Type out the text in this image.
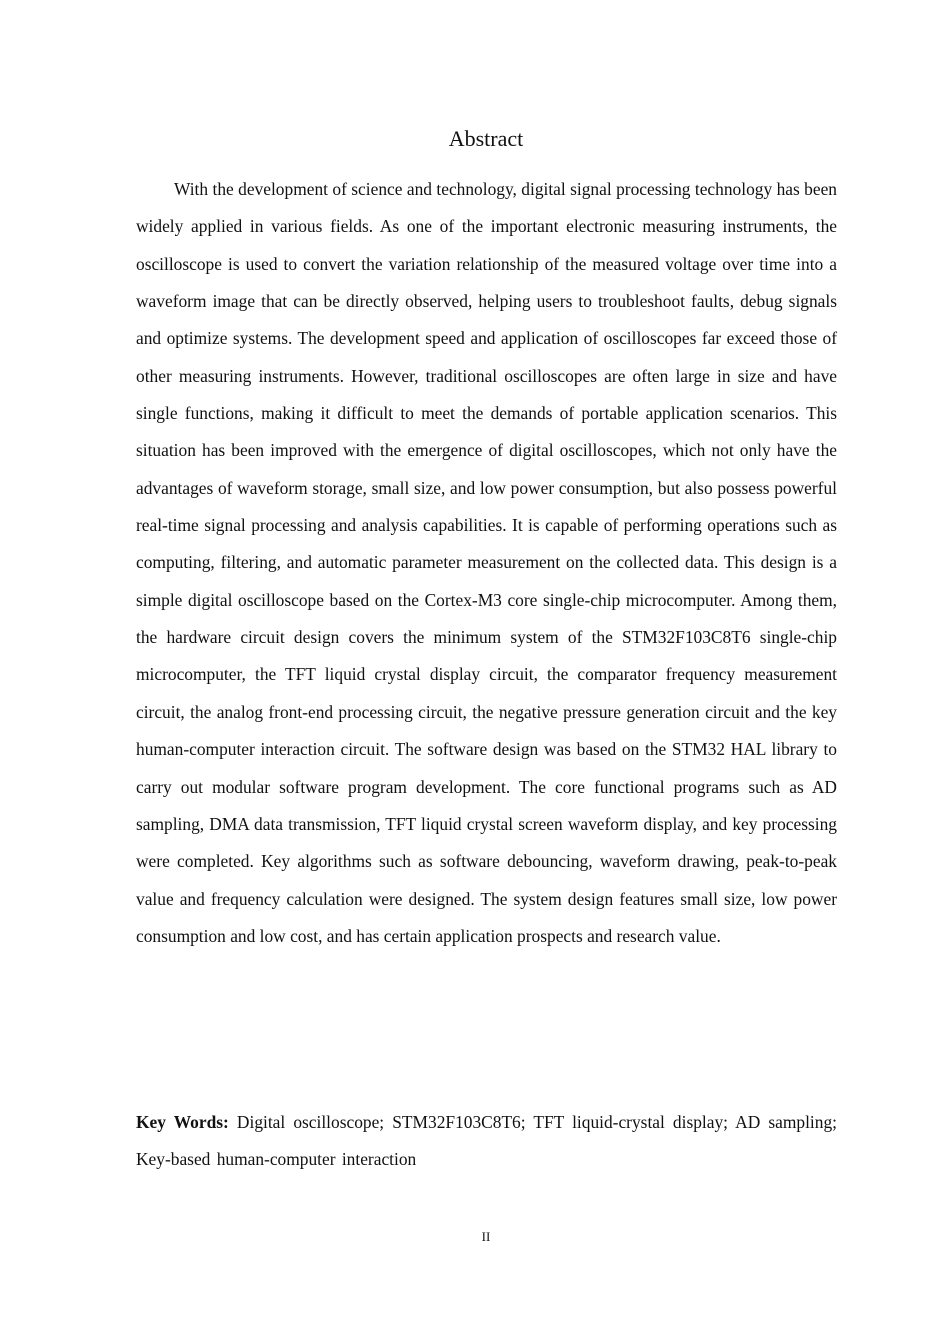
Abstract

With the development of science and technology, digital signal processing technology has been widely applied in various fields. As one of the important electronic measuring instruments, the oscilloscope is used to convert the variation relationship of the measured voltage over time into a waveform image that can be directly observed, helping users to troubleshoot faults, debug signals and optimize systems. The development speed and application of oscilloscopes far exceed those of other measuring instruments. However, traditional oscilloscopes are often large in size and have single functions, making it difficult to meet the demands of portable application scenarios. This situation has been improved with the emergence of digital oscilloscopes, which not only have the advantages of waveform storage, small size, and low power consumption, but also possess powerful real-time signal processing and analysis capabilities. It is capable of performing operations such as computing, filtering, and automatic parameter measurement on the collected data. This design is a simple digital oscilloscope based on the Cortex-M3 core single-chip microcomputer. Among them, the hardware circuit design covers the minimum system of the STM32F103C8T6 single-chip microcomputer, the TFT liquid crystal display circuit, the comparator frequency measurement circuit, the analog front-end processing circuit, the negative pressure generation circuit and the key human-computer interaction circuit. The software design was based on the STM32 HAL library to carry out modular software program development. The core functional programs such as AD sampling, DMA data transmission, TFT liquid crystal screen waveform display, and key processing were completed. Key algorithms such as software debouncing, waveform drawing, peak-to-peak value and frequency calculation were designed. The system design features small size, low power consumption and low cost, and has certain application prospects and research value.

Key Words: Digital oscilloscope; STM32F103C8T6; TFT liquid-crystal display; AD sampling; Key-based human-computer interaction

II
